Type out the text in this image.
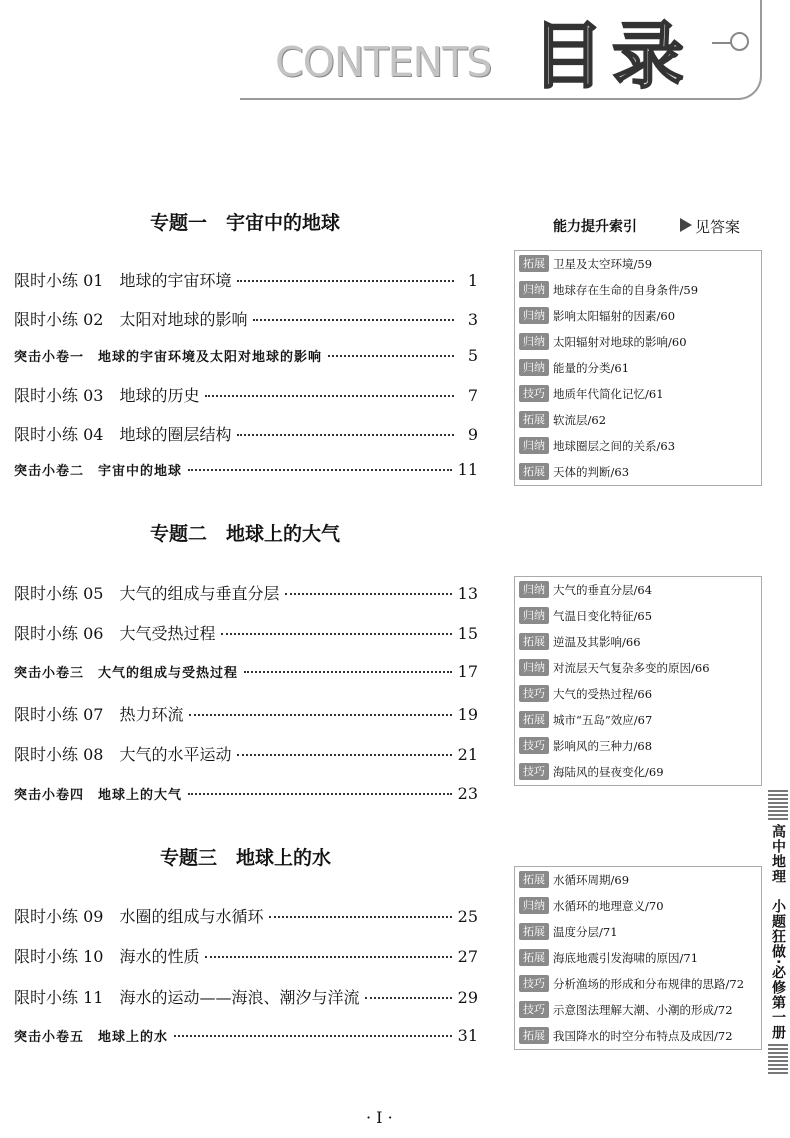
CONTENTS 目录
专题一　宇宙中的地球
限时小练 01　地球的宇宙环境	1
限时小练 02　太阳对地球的影响	3
突击小卷一　地球的宇宙环境及太阳对地球的影响	5
限时小练 03　地球的历史	7
限时小练 04　地球的圈层结构	9
突击小卷二　宇宙中的地球	11
能力提升索引	见答案
拓展 卫星及太空环境/59
归纳 地球存在生命的自身条件/59
归纳 影响太阳辐射的因素/60
归纳 太阳辐射对地球的影响/60
归纳 能量的分类/61
技巧 地质年代简化记忆/61
拓展 软流层/62
归纳 地球圈层之间的关系/63
拓展 天体的判断/63
专题二　地球上的大气
限时小练 05　大气的组成与垂直分层	13
限时小练 06　大气受热过程	15
突击小卷三　大气的组成与受热过程	17
限时小练 07　热力环流	19
限时小练 08　大气的水平运动	21
突击小卷四　地球上的大气	23
归纳 大气的垂直分层/64
归纳 气温日变化特征/65
拓展 逆温及其影响/66
归纳 对流层天气复杂多变的原因/66
技巧 大气的受热过程/66
拓展 城市“五岛”效应/67
技巧 影响风的三种力/68
技巧 海陆风的昼夜变化/69
专题三　地球上的水
限时小练 09　水圈的组成与水循环	25
限时小练 10　海水的性质	27
限时小练 11　海水的运动——海浪、潮汐与洋流	29
突击小卷五　地球上的水	31
拓展 水循环周期/69
归纳 水循环的地理意义/70
拓展 温度分层/71
拓展 海底地震引发海啸的原因/71
技巧 分析渔场的形成和分布规律的思路/72
技巧 示意图法理解大潮、小潮的形成/72
拓展 我国降水的时空分布特点及成因/72	高中地理　小题狂做·必修第一册
· I ·
